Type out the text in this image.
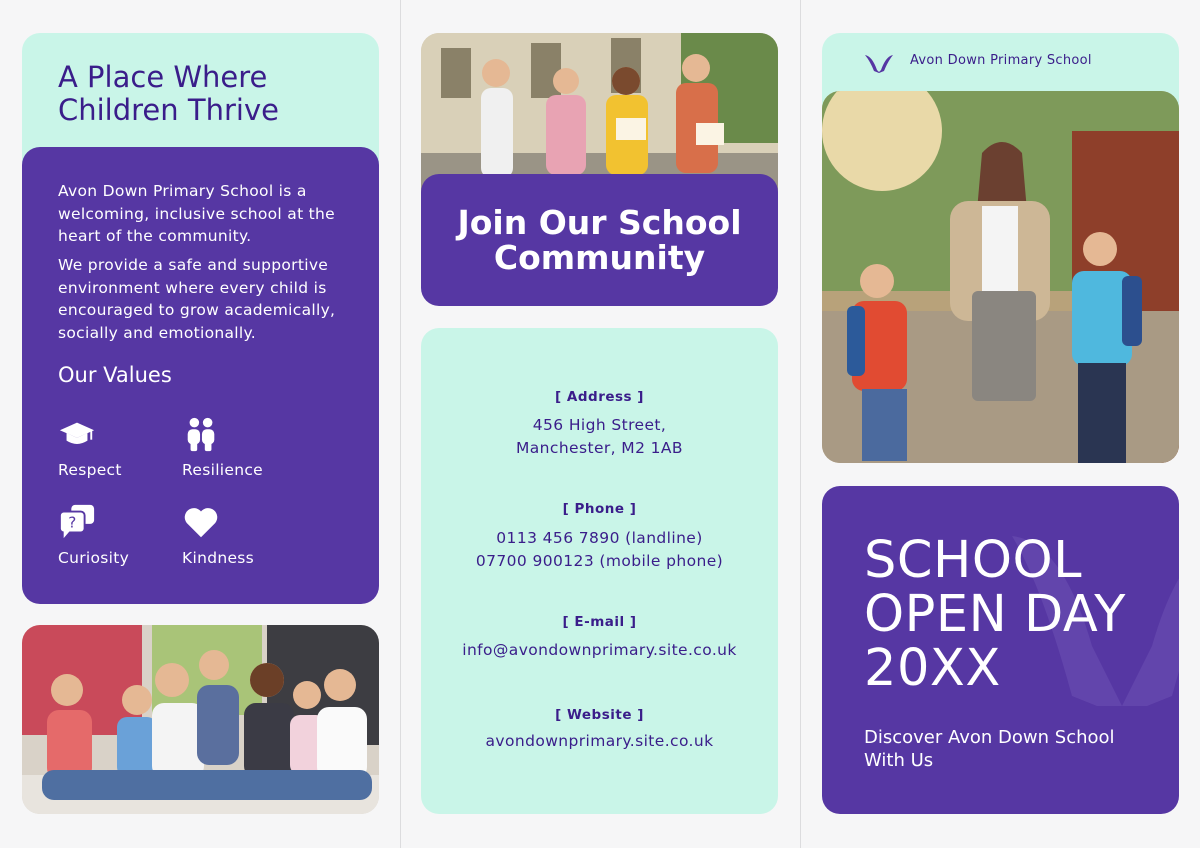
A Place Where Children Thrive

Avon Down Primary School is a welcoming, inclusive school at the heart of the community.

We provide a safe and supportive environment where every child is encouraged to grow academically, socially and emotionally.

Our Values
Respect	Resilience
?
Curiosity	Kindness
Join Our School Community
[ Address ]
456 High Street,
Manchester, M2 1AB
[ Phone ]
0113 456 7890 (landline)
07700 900123 (mobile phone)
[ E-mail ]
info@avondownprimary.site.co.uk
[ Website ]
avondownprimary.site.co.uk
Avon Down Primary School
SCHOOL OPEN DAY 20XX

Discover Avon Down School With Us
